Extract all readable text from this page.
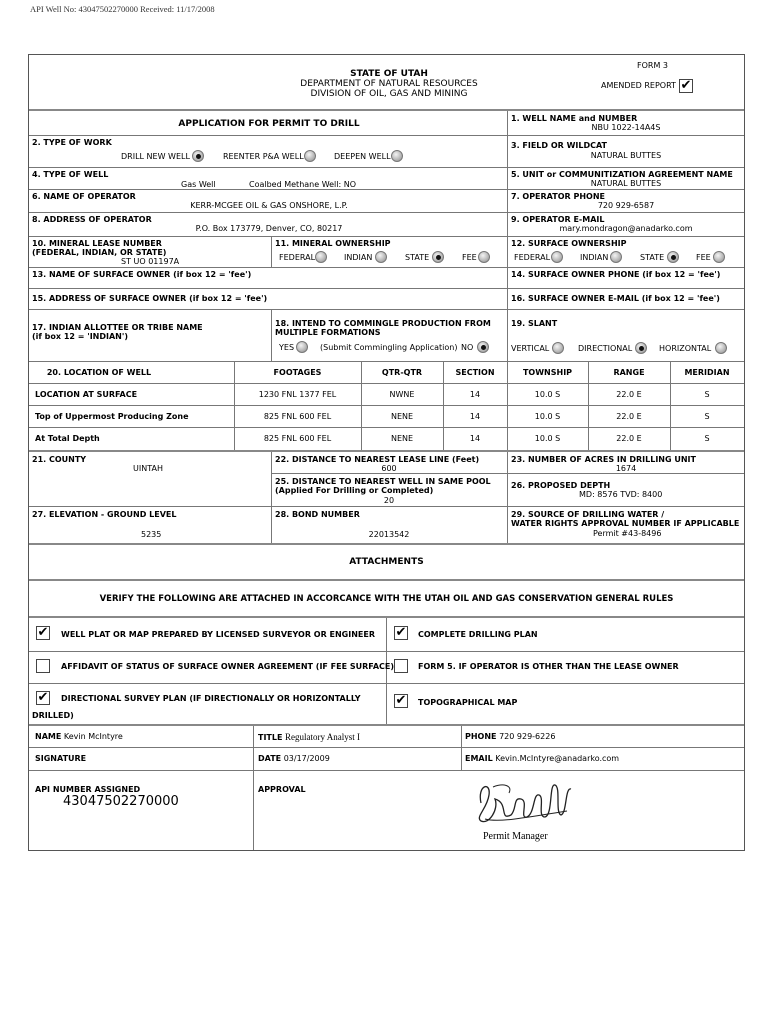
API Well No: 43047502270000 Received: 11/17/2008
FORM 3
STATE OF UTAH
DEPARTMENT OF NATURAL RESOURCES
DIVISION OF OIL, GAS AND MINING
AMENDED REPORT ✔
APPLICATION FOR PERMIT TO DRILL
1. WELL NAME and NUMBER
NBU 1022-14A4S
2. TYPE OF WORK
DRILL NEW WELL	REENTER P&A WELL	DEEPEN WELL
3. FIELD OR WILDCAT
NATURAL BUTTES
4. TYPE OF WELL
Gas Well	Coalbed Methane Well: NO
5. UNIT or COMMUNITIZATION AGREEMENT NAME
NATURAL BUTTES
6. NAME OF OPERATOR
KERR-MCGEE OIL & GAS ONSHORE, L.P.
7. OPERATOR PHONE
720 929-6587
8. ADDRESS OF OPERATOR
P.O. Box 173779, Denver, CO, 80217
9. OPERATOR E-MAIL
mary.mondragon@anadarko.com
10. MINERAL LEASE NUMBER
(FEDERAL, INDIAN, OR STATE)
ST UO 01197A
11. MINERAL OWNERSHIP
FEDERAL	INDIAN	STATE	FEE
12. SURFACE OWNERSHIP
FEDERAL	INDIAN	STATE	FEE
13. NAME OF SURFACE OWNER (if box 12 = 'fee')	14. SURFACE OWNER PHONE (if box 12 = 'fee')
15. ADDRESS OF SURFACE OWNER (if box 12 = 'fee')	16. SURFACE OWNER E-MAIL (if box 12 = 'fee')
17. INDIAN ALLOTTEE OR TRIBE NAME
(if box 12 = 'INDIAN')
18. INTEND TO COMMINGLE PRODUCTION FROM
MULTIPLE FORMATIONS
YES	(Submit Commingling Application) NO
19. SLANT
VERTICAL	DIRECTIONAL	HORIZONTAL
20. LOCATION OF WELL	FOOTAGES	QTR-QTR	SECTION	TOWNSHIP	RANGE	MERIDIAN
LOCATION AT SURFACE	1230 FNL 1377 FEL	NWNE	14	10.0 S	22.0 E	S
Top of Uppermost Producing Zone	825 FNL 600 FEL	NENE	14	10.0 S	22.0 E	S
At Total Depth	825 FNL 600 FEL	NENE	14	10.0 S	22.0 E	S
21. COUNTY
UINTAH
22. DISTANCE TO NEAREST LEASE LINE (Feet)
600
23. NUMBER OF ACRES IN DRILLING UNIT
1674
25. DISTANCE TO NEAREST WELL IN SAME POOL
(Applied For Drilling or Completed)
20
26. PROPOSED DEPTH
MD: 8576 TVD: 8400
27. ELEVATION - GROUND LEVEL
5235
28. BOND NUMBER
22013542
29. SOURCE OF DRILLING WATER /
WATER RIGHTS APPROVAL NUMBER IF APPLICABLE
Permit #43-8496
ATTACHMENTS
VERIFY THE FOLLOWING ARE ATTACHED IN ACCORCANCE WITH THE UTAH OIL AND GAS CONSERVATION GENERAL RULES
✔ WELL PLAT OR MAP PREPARED BY LICENSED SURVEYOR OR ENGINEER ✔ COMPLETE DRILLING PLAN
AFFIDAVIT OF STATUS OF SURFACE OWNER AGREEMENT (IF FEE SURFACE)	FORM 5. IF OPERATOR IS OTHER THAN THE LEASE OWNER
✔ DIRECTIONAL SURVEY PLAN (IF DIRECTIONALLY OR HORIZONTALLY
DRILLED)
✔ TOPOGRAPHICAL MAP
NAME Kevin McIntyre	TITLE Regulatory Analyst I	PHONE 720 929-6226
SIGNATURE	DATE 03/17/2009	EMAIL Kevin.McIntyre@anadarko.com
API NUMBER ASSIGNED
43047502270000
APPROVAL
Permit Manager
